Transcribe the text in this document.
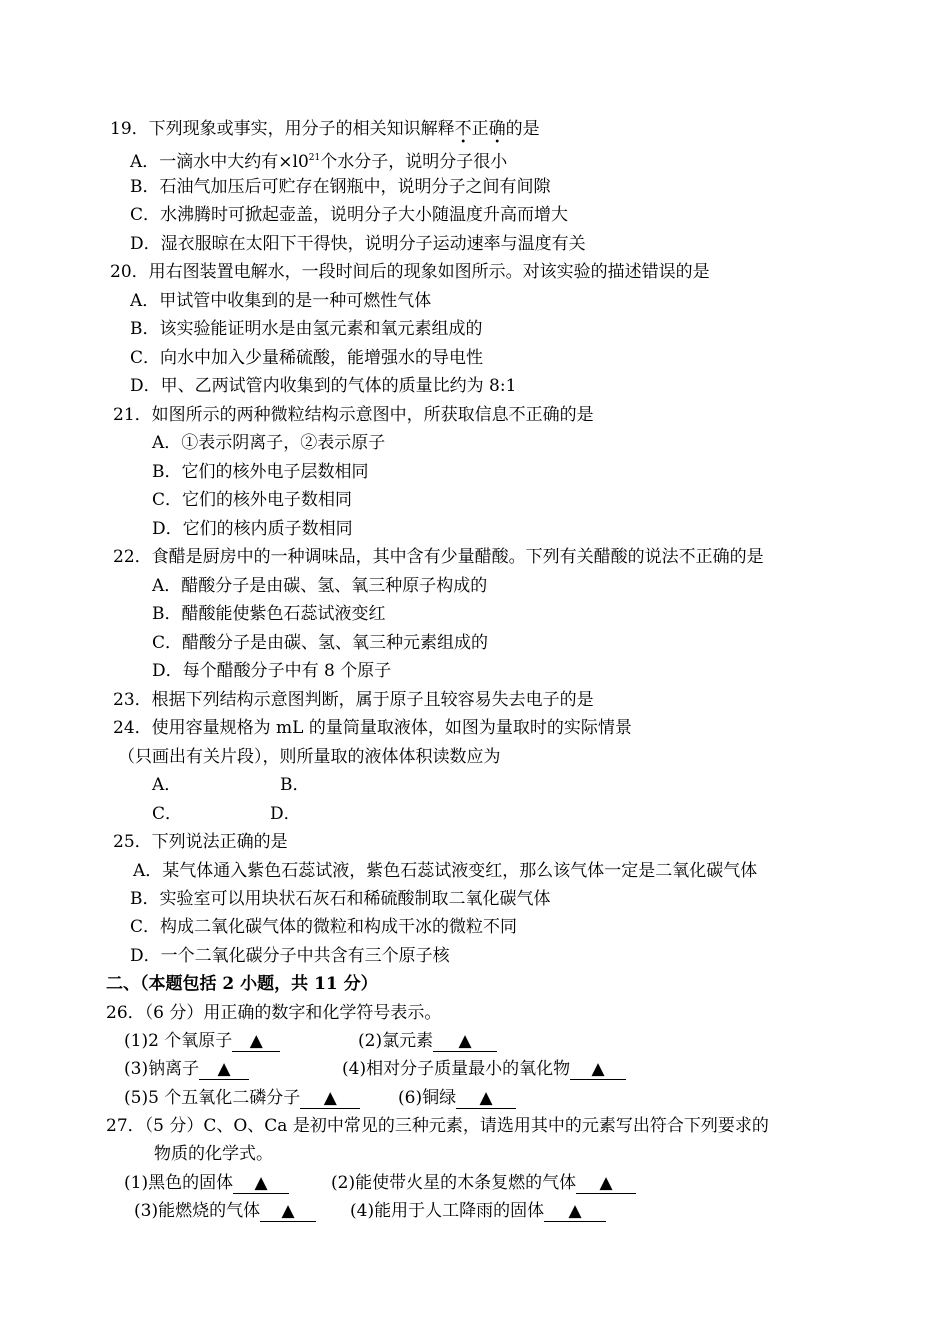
19．下列现象或事实，用分子的相关知识解释不正确的是
A．一滴水中大约有$\times l0^{21}$个水分子，说明分子很小
B．石油气加压后可贮存在钢瓶中，说明分子之间有间隙
C．水沸腾时可掀起壶盖，说明分子大小随温度升高而增大
D．湿衣服晾在太阳下干得快，说明分子运动速率与温度有关
20．用右图装置电解水，一段时间后的现象如图所示。对该实验的描述错误的是
A．甲试管中收集到的是一种可燃性气体
B．该实验能证明水是由氢元素和氧元素组成的
C．向水中加入少量稀硫酸，能增强水的导电性
D．甲、乙两试管内收集到的气体的质量比约为 8:1
21．如图所示的两种微粒结构示意图中，所获取信息不正确的是
A．①表示阴离子，②表示原子
B．它们的核外电子层数相同
C．它们的核外电子数相同
D．它们的核内质子数相同
22．食醋是厨房中的一种调味品，其中含有少量醋酸。下列有关醋酸的说法不正确的是
A．醋酸分子是由碳、氢、氧三种原子构成的
B．醋酸能使紫色石蕊试液变红
C．醋酸分子是由碳、氢、氧三种元素组成的
D．每个醋酸分子中有 8 个原子
23．根据下列结构示意图判断，属于原子且较容易失去电子的是
24．使用容量规格为 mL 的量筒量取液体，如图为量取时的实际情景
（只画出有关片段），则所量取的液体体积读数应为
A．	B．
C．	D．
25．下列说法正确的是
A．某气体通入紫色石蕊试液，紫色石蕊试液变红，那么该气体一定是二氧化碳气体
B．实验室可以用块状石灰石和稀硫酸制取二氧化碳气体
C．构成二氧化碳气体的微粒和构成干冰的微粒不同
D．一个二氧化碳分子中共含有三个原子核
二、（本题包括 2 小题，共 11 分）
26．（6 分）用正确的数字和化学符号表示。
(1)2 个氧原子 ▲	(2)氯元素 ▲
(3)钠离子 ▲	(4)相对分子质量最小的氧化物 ▲
(5)5 个五氧化二磷分子 ▲	(6)铜绿 ▲
27．（5 分）C、O、Ca 是初中常见的三种元素，请选用其中的元素写出符合下列要求的
物质的化学式。
(1)黑色的固体 ▲	(2)能使带火星的木条复燃的气体 ▲
(3)能燃烧的气体 ▲	(4)能用于人工降雨的固体 ▲
